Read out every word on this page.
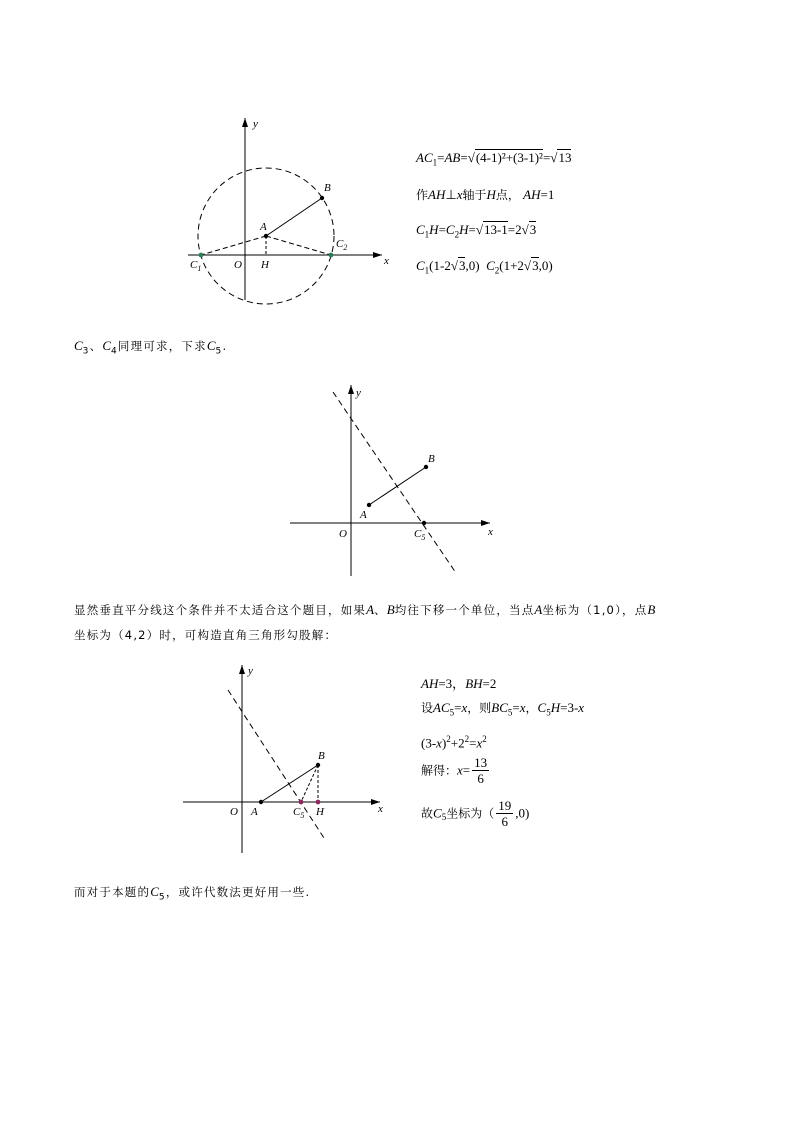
y
x
B
A
$C_2$
$C_1$	O H
y
x
B
A
O	$C_5$
y
x
B
O A	$C_5$ H
$AC_1=AB=√(4-1)^2+(3-1)^2=√13$
作AH⊥x轴于H点， AH=1
$C_1H=C_2H=√13-1=2√3$
$C_1(1-2√3,0)$ $C_2(1+2√3,0)$
$C_3$、$C_4$同理可求，下求$C_5$.
显然垂直平分线这个条件并不太适合这个题目，如果A、B均往下移一个单位，当点A坐标为（1,0），点B
坐标为（4,2）时，可构造直角三角形勾股解：
AH=3，BH=2
设$AC_5=x$，则$BC_5=x$，$C_5H=3-x$
$(3-x)^2+2^2=x^2$
解得：$x= \frac{13}{6}$
故$C_5$坐标为（ $\frac{19}{6} ,0$)
而对于本题的$C_5$，或许代数法更好用一些.
